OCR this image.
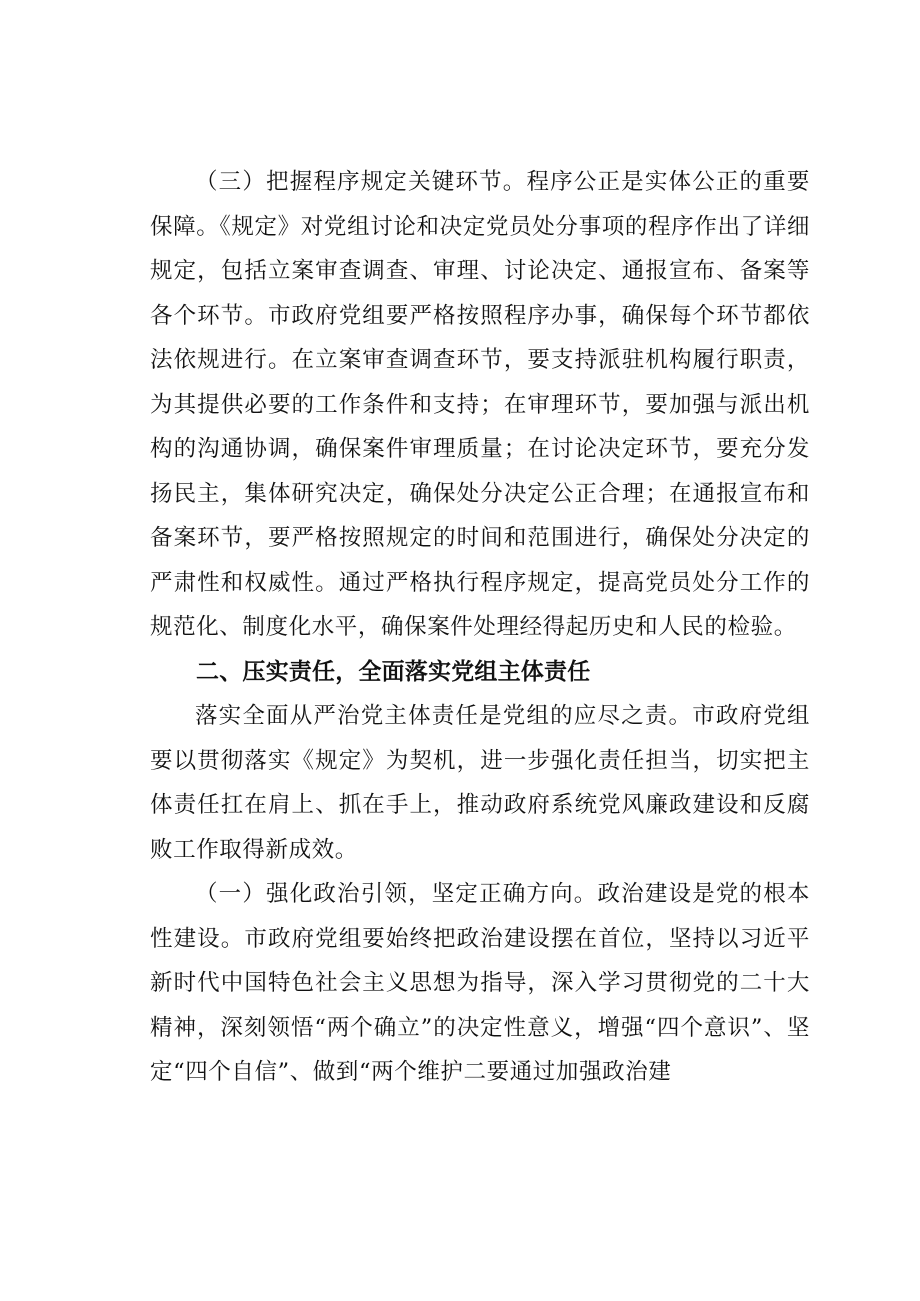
（三）把握程序规定关键环节。程序公正是实体公正的重要保障。《规定》对党组讨论和决定党员处分事项的程序作出了详细规定，包括立案审查调查、审理、讨论决定、通报宣布、备案等各个环节。市政府党组要严格按照程序办事，确保每个环节都依法依规进行。在立案审查调查环节，要支持派驻机构履行职责，为其提供必要的工作条件和支持；在审理环节，要加强与派出机构的沟通协调，确保案件审理质量；在讨论决定环节，要充分发扬民主，集体研究决定，确保处分决定公正合理；在通报宣布和备案环节，要严格按照规定的时间和范围进行，确保处分决定的严肃性和权威性。通过严格执行程序规定，提高党员处分工作的规范化、制度化水平，确保案件处理经得起历史和人民的检验。

二、压实责任，全面落实党组主体责任

落实全面从严治党主体责任是党组的应尽之责。市政府党组要以贯彻落实《规定》为契机，进一步强化责任担当，切实把主体责任扛在肩上、抓在手上，推动政府系统党风廉政建设和反腐败工作取得新成效。

（一）强化政治引领，坚定正确方向。政治建设是党的根本性建设。市政府党组要始终把政治建设摆在首位，坚持以习近平新时代中国特色社会主义思想为指导，深入学习贯彻党的二十大精神，深刻领悟“两个确立”的决定性意义，增强“四个意识”、坚定“四个自信”、做到“两个维护二要通过加强政治建
